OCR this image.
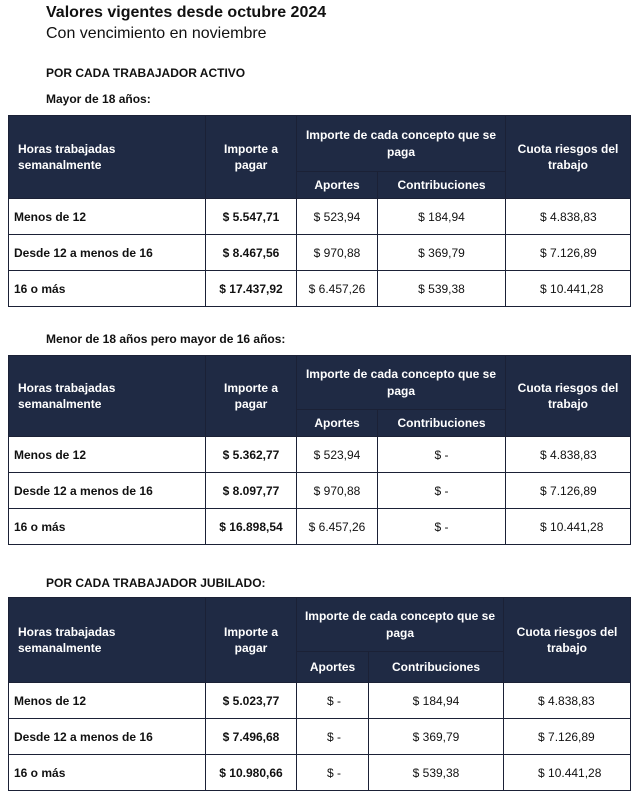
Valores vigentes desde octubre 2024
Con vencimiento en noviembre
POR CADA TRABAJADOR ACTIVO
Mayor de 18 años:
Horas trabajadas semanalmente	Importe a pagar	Importe de cada concepto que se paga		Cuota riesgos del trabajo
		Aportes	Contribuciones	
Menos de 12	$ 5.547,71	$ 523,94	$ 184,94	$ 4.838,83
Desde 12 a menos de 16	$ 8.467,56	$ 970,88	$ 369,79	$ 7.126,89
16 o más	$ 17.437,92	$ 6.457,26	$ 539,38	$ 10.441,28
Menor de 18 años pero mayor de 16 años:
Horas trabajadas semanalmente	Importe a pagar	Importe de cada concepto que se paga		Cuota riesgos del trabajo
		Aportes	Contribuciones	
Menos de 12	$ 5.362,77	$ 523,94	$ -	$ 4.838,83
Desde 12 a menos de 16	$ 8.097,77	$ 970,88	$ -	$ 7.126,89
16 o más	$ 16.898,54	$ 6.457,26	$ -	$ 10.441,28
POR CADA TRABAJADOR JUBILADO:
Horas trabajadas semanalmente	Importe a pagar	Importe de cada concepto que se paga		Cuota riesgos del trabajo
		Aportes	Contribuciones	
Menos de 12	$ 5.023,77	$ -	$ 184,94	$ 4.838,83
Desde 12 a menos de 16	$ 7.496,68	$ -	$ 369,79	$ 7.126,89
16 o más	$ 10.980,66	$ -	$ 539,38	$ 10.441,28
